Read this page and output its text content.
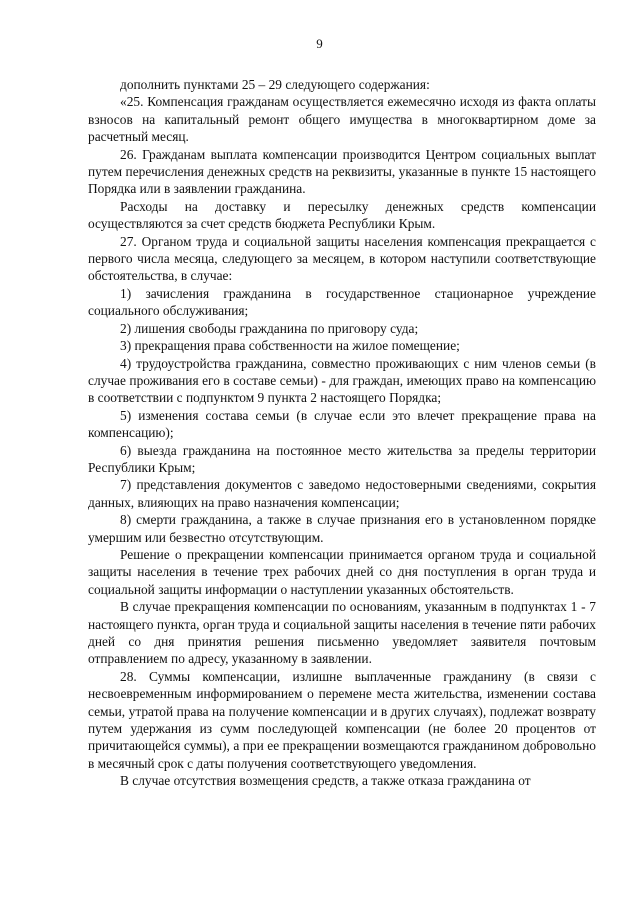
9

дополнить пунктами 25 – 29 следующего содержания:

«25. Компенсация гражданам осуществляется ежемесячно исходя из факта оплаты взносов на капитальный ремонт общего имущества в многоквартирном доме за расчетный месяц.

26. Гражданам выплата компенсации производится Центром социальных выплат путем перечисления денежных средств на реквизиты, указанные в пункте 15 настоящего Порядка или в заявлении гражданина.

Расходы на доставку и пересылку денежных средств компенсации осуществляются за счет средств бюджета Республики Крым.

27. Органом труда и социальной защиты населения компенсация прекращается с первого числа месяца, следующего за месяцем, в котором наступили соответствующие обстоятельства, в случае:

1) зачисления гражданина в государственное стационарное учреждение социального обслуживания;

2) лишения свободы гражданина по приговору суда;

3) прекращения права собственности на жилое помещение;

4) трудоустройства гражданина, совместно проживающих с ним членов семьи (в случае проживания его в составе семьи) - для граждан, имеющих право на компенсацию в соответствии с подпунктом 9 пункта 2 настоящего Порядка;

5) изменения состава семьи (в случае если это влечет прекращение права на компенсацию);

6) выезда гражданина на постоянное место жительства за пределы территории Республики Крым;

7) представления документов с заведомо недостоверными сведениями, сокрытия данных, влияющих на право назначения компенсации;

8) смерти гражданина, а также в случае признания его в установленном порядке умершим или безвестно отсутствующим.

Решение о прекращении компенсации принимается органом труда и социальной защиты населения в течение трех рабочих дней со дня поступления в орган труда и социальной защиты информации о наступлении указанных обстоятельств.

В случае прекращения компенсации по основаниям, указанным в подпунктах 1 - 7 настоящего пункта, орган труда и социальной защиты населения в течение пяти рабочих дней со дня принятия решения письменно уведомляет заявителя почтовым отправлением по адресу, указанному в заявлении.

28. Суммы компенсации, излишне выплаченные гражданину (в связи с несвоевременным информированием о перемене места жительства, изменении состава семьи, утратой права на получение компенсации и в других случаях), подлежат возврату путем удержания из сумм последующей компенсации (не более 20 процентов от причитающейся суммы), а при ее прекращении возмещаются гражданином добровольно в месячный срок с даты получения соответствующего уведомления.

В случае отсутствия возмещения средств, а также отказа гражданина от
